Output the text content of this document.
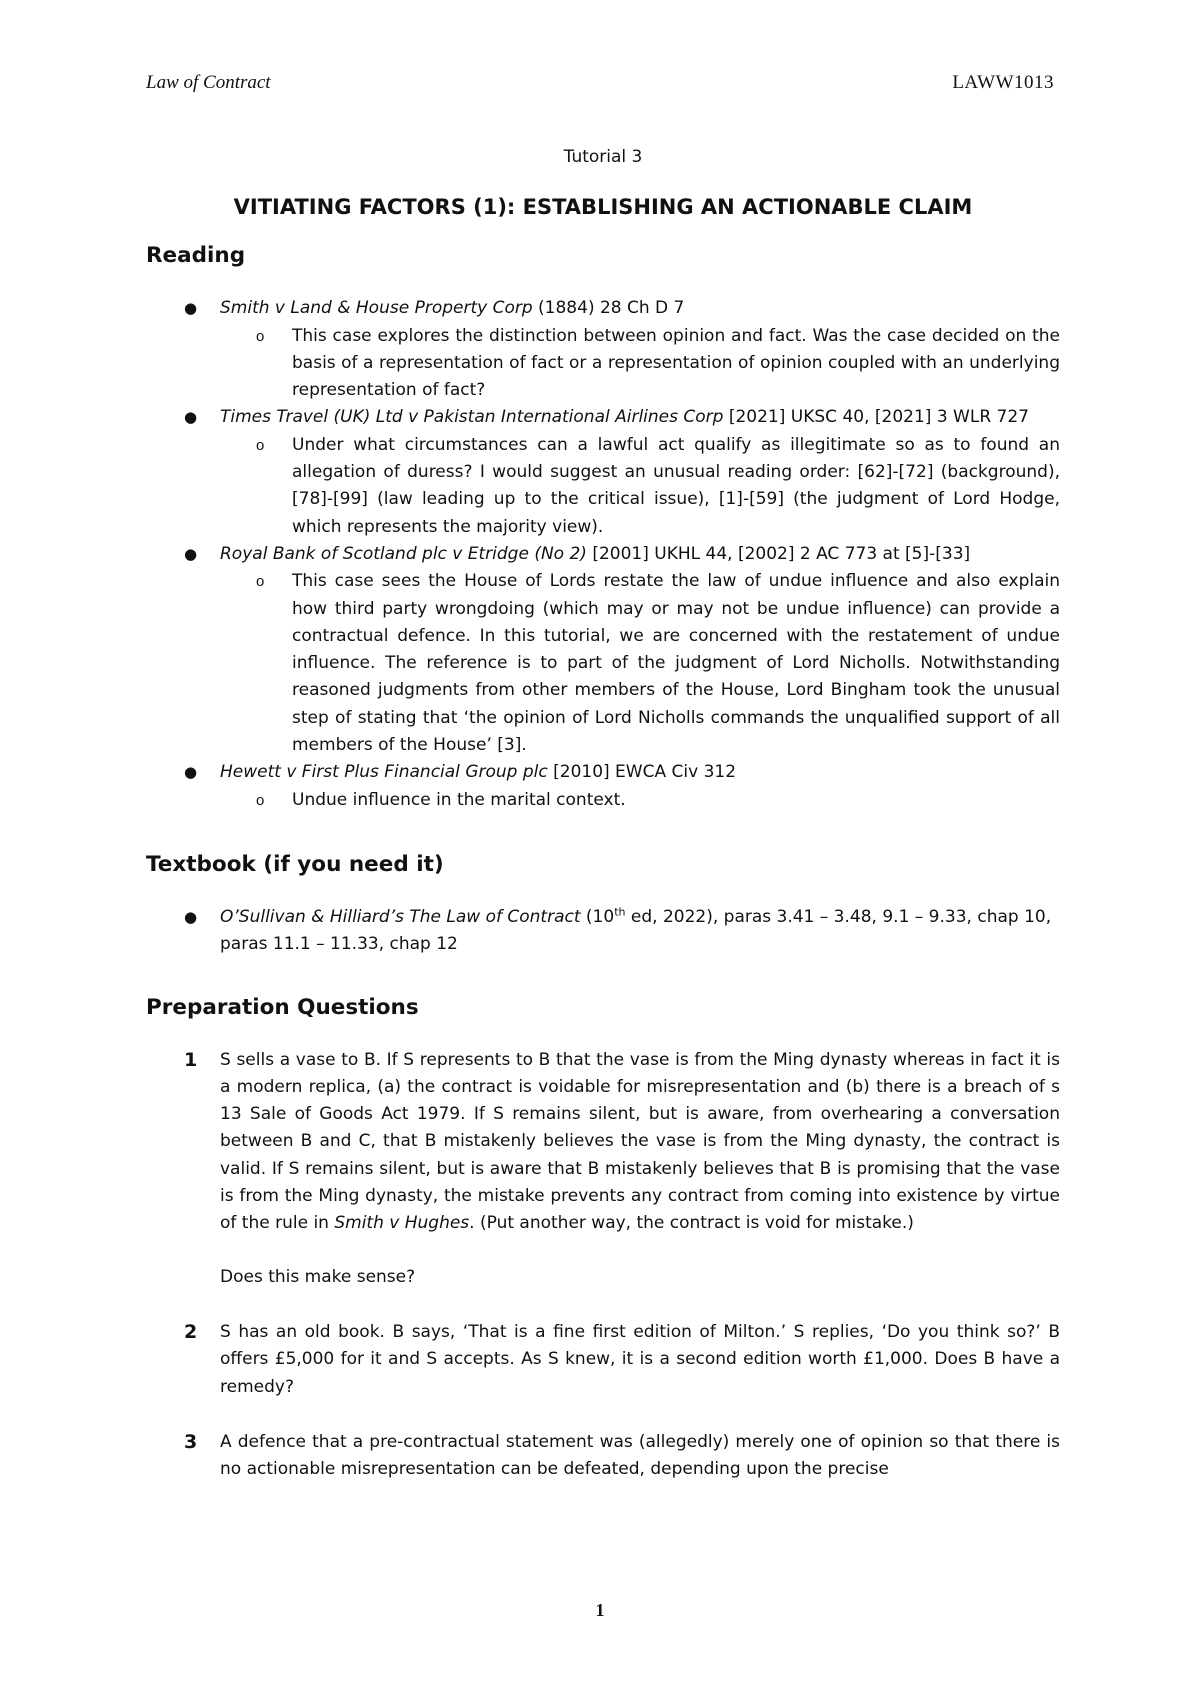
Law of Contract	LAWW1013

Tutorial 3

VITIATING FACTORS (1): ESTABLISHING AN ACTIONABLE CLAIM

Reading
● Smith v Land & House Property Corp (1884) 28 Ch D 7
o This case explores the distinction between opinion and fact. Was the case decided on the basis of a representation of fact or a representation of opinion coupled with an underlying representation of fact?
● Times Travel (UK) Ltd v Pakistan International Airlines Corp [2021] UKSC 40, [2021] 3 WLR 727
o Under what circumstances can a lawful act qualify as illegitimate so as to found an allegation of duress? I would suggest an unusual reading order: [62]-[72] (background), [78]-[99] (law leading up to the critical issue), [1]-[59] (the judgment of Lord Hodge, which represents the majority view).
● Royal Bank of Scotland plc v Etridge (No 2) [2001] UKHL 44, [2002] 2 AC 773 at [5]-[33]
o This case sees the House of Lords restate the law of undue influence and also explain how third party wrongdoing (which may or may not be undue influence) can provide a contractual defence. In this tutorial, we are concerned with the restatement of undue influence. The reference is to part of the judgment of Lord Nicholls. Notwithstanding reasoned judgments from other members of the House, Lord Bingham took the unusual step of stating that ‘the opinion of Lord Nicholls commands the unqualified support of all members of the House’ [3].
● Hewett v First Plus Financial Group plc [2010] EWCA Civ 312
o Undue influence in the marital context.
Textbook (if you need it)
● O’Sullivan & Hilliard’s The Law of Contract (10th ed, 2022), paras 3.41 – 3.48, 9.1 – 9.33, chap 10, paras 11.1 – 11.33, chap 12
Preparation Questions
1 S sells a vase to B. If S represents to B that the vase is from the Ming dynasty whereas in fact it is a modern replica, (a) the contract is voidable for misrepresentation and (b) there is a breach of s 13 Sale of Goods Act 1979. If S remains silent, but is aware, from overhearing a conversation between B and C, that B mistakenly believes the vase is from the Ming dynasty, the contract is valid. If S remains silent, but is aware that B mistakenly believes that B is promising that the vase is from the Ming dynasty, the mistake prevents any contract from coming into existence by virtue of the rule in Smith v Hughes. (Put another way, the contract is void for mistake.)
Does this make sense?
2 S has an old book. B says, ‘That is a fine first edition of Milton.’ S replies, ‘Do you think so?’ B offers £5,000 for it and S accepts. As S knew, it is a second edition worth £1,000. Does B have a remedy?
3 A defence that a pre-contractual statement was (allegedly) merely one of opinion so that there is no actionable misrepresentation can be defeated, depending upon the precise
1
